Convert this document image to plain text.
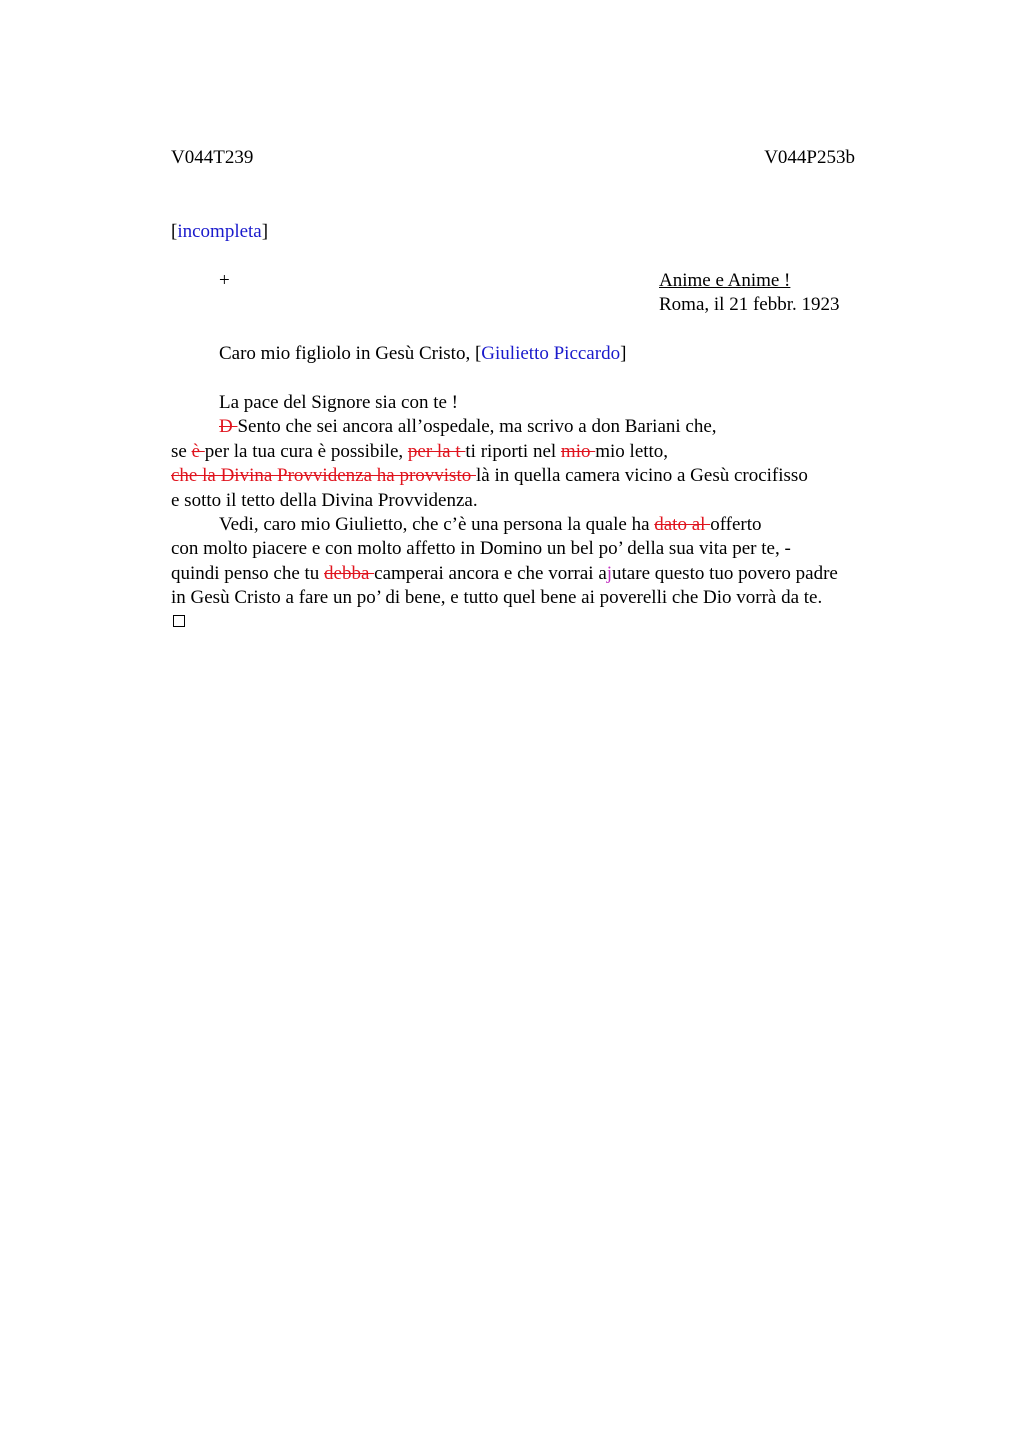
V044T239	V044P253b
[incompleta]
+	Anime e Anime !
Roma, il 21 febbr. 1923
Caro mio figliolo in Gesù Cristo, [Giulietto Piccardo]
La pace del Signore sia con te !
D Sento che sei ancora all’ospedale, ma scrivo a don Bariani che,
se è per la tua cura è possibile, per la t ti riporti nel mio mio letto,
che la Divina Provvidenza ha provvisto là in quella camera vicino a Gesù crocifisso
e sotto il tetto della Divina Provvidenza.
Vedi, caro mio Giulietto, che c’è una persona la quale ha dato al offerto
con molto piacere e con molto affetto in Domino un bel po’ della sua vita per te, -
quindi penso che tu debba camperai ancora e che vorrai ajutare questo tuo povero padre
in Gesù Cristo a fare un po’ di bene, e tutto quel bene ai poverelli che Dio vorrà da te.
